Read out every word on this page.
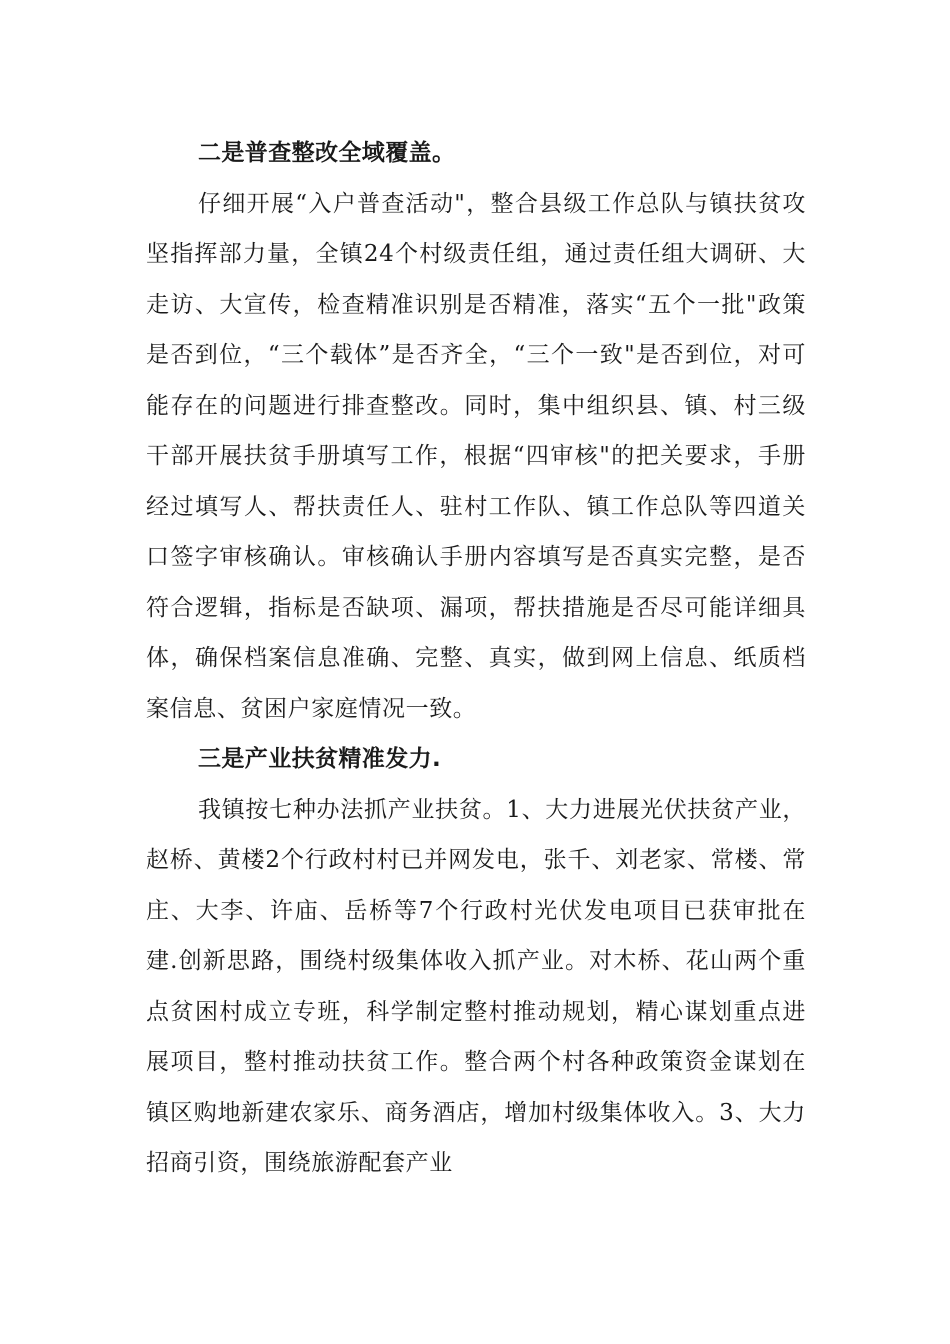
二是普查整改全域覆盖。

仔细开展“入户普查活动"，整合县级工作总队与镇扶贫攻坚指挥部力量，全镇24个村级责任组，通过责任组大调研、大走访、大宣传，检查精准识别是否精准，落实“五个一批"政策是否到位，“三个载体”是否齐全，“三个一致"是否到位，对可能存在的问题进行排查整改。同时，集中组织县、镇、村三级干部开展扶贫手册填写工作，根据“四审核"的把关要求，手册经过填写人、帮扶责任人、驻村工作队、镇工作总队等四道关口签字审核确认。审核确认手册内容填写是否真实完整，是否符合逻辑，指标是否缺项、漏项，帮扶措施是否尽可能详细具体，确保档案信息准确、完整、真实，做到网上信息、纸质档案信息、贫困户家庭情况一致。

三是产业扶贫精准发力.

我镇按七种办法抓产业扶贫。1、大力进展光伏扶贫产业，赵桥、黄楼2个行政村村已并网发电，张千、刘老家、常楼、常庄、大李、许庙、岳桥等7个行政村光伏发电项目已获审批在建.创新思路，围绕村级集体收入抓产业。对木桥、花山两个重点贫困村成立专班，科学制定整村推动规划，精心谋划重点进展项目，整村推动扶贫工作。整合两个村各种政策资金谋划在镇区购地新建农家乐、商务酒店，增加村级集体收入。3、大力招商引资，围绕旅游配套产业
